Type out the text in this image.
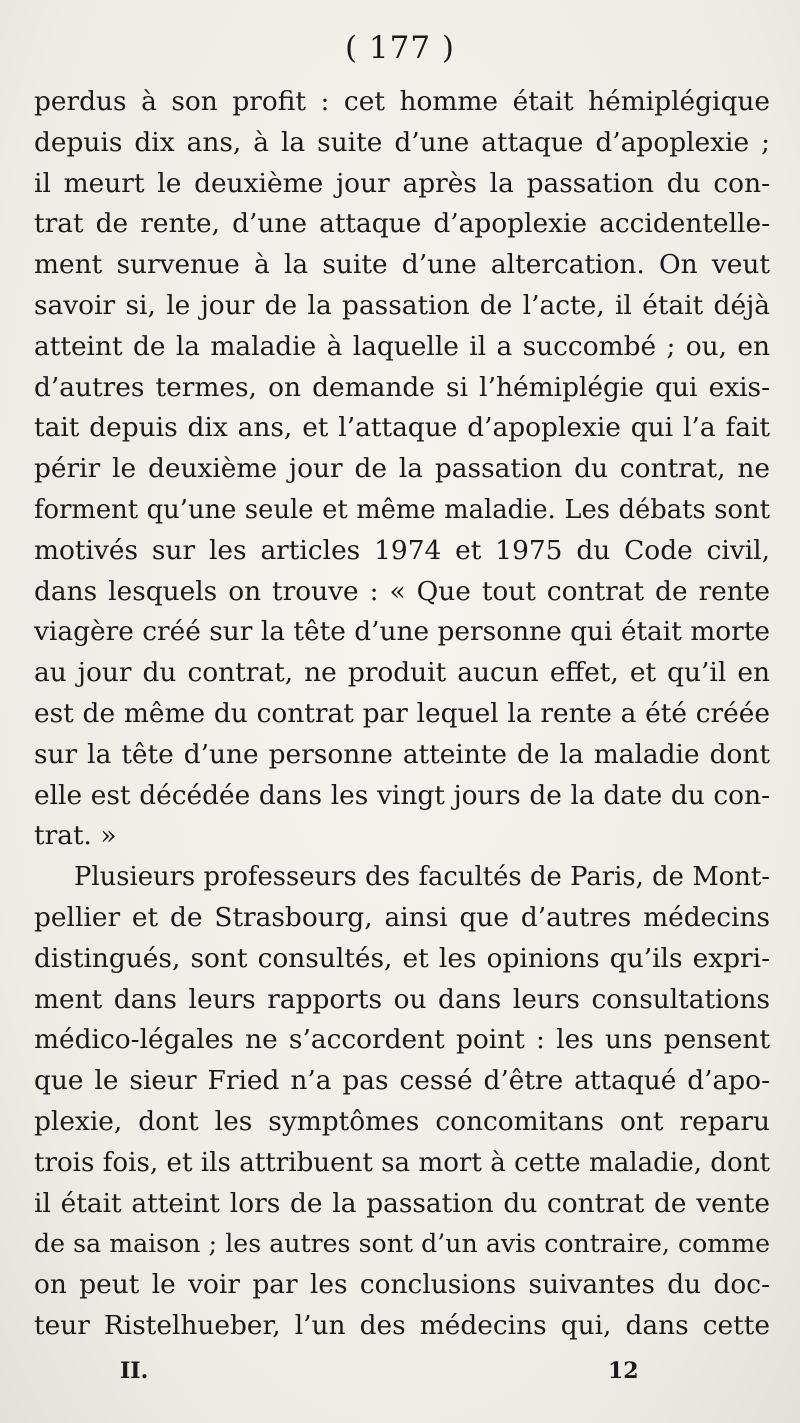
( 177 )
perdus à son profit : cet homme était hémiplégique
depuis dix ans, à la suite d’une attaque d’apoplexie ;
il meurt le deuxième jour après la passation du con-
trat de rente, d’une attaque d’apoplexie accidentelle-
ment survenue à la suite d’une altercation. On veut
savoir si, le jour de la passation de l’acte, il était déjà
atteint de la maladie à laquelle il a succombé ; ou, en
d’autres termes, on demande si l’hémiplégie qui exis-
tait depuis dix ans, et l’attaque d’apoplexie qui l’a fait
périr le deuxième jour de la passation du contrat, ne
forment qu’une seule et même maladie. Les débats sont
motivés sur les articles 1974 et 1975 du Code civil,
dans lesquels on trouve : « Que tout contrat de rente
viagère créé sur la tête d’une personne qui était morte
au jour du contrat, ne produit aucun effet, et qu’il en
est de même du contrat par lequel la rente a été créée
sur la tête d’une personne atteinte de la maladie dont
elle est décédée dans les vingt jours de la date du con-
trat. »
Plusieurs professeurs des facultés de Paris, de Mont-
pellier et de Strasbourg, ainsi que d’autres médecins
distingués, sont consultés, et les opinions qu’ils expri-
ment dans leurs rapports ou dans leurs consultations
médico-légales ne s’accordent point : les uns pensent
que le sieur Fried n’a pas cessé d’être attaqué d’apo-
plexie, dont les symptômes concomitans ont reparu
trois fois, et ils attribuent sa mort à cette maladie, dont
il était atteint lors de la passation du contrat de vente
de sa maison ; les autres sont d’un avis contraire, comme
on peut le voir par les conclusions suivantes du doc-
teur Ristelhueber, l’un des médecins qui, dans cette
II.	12
